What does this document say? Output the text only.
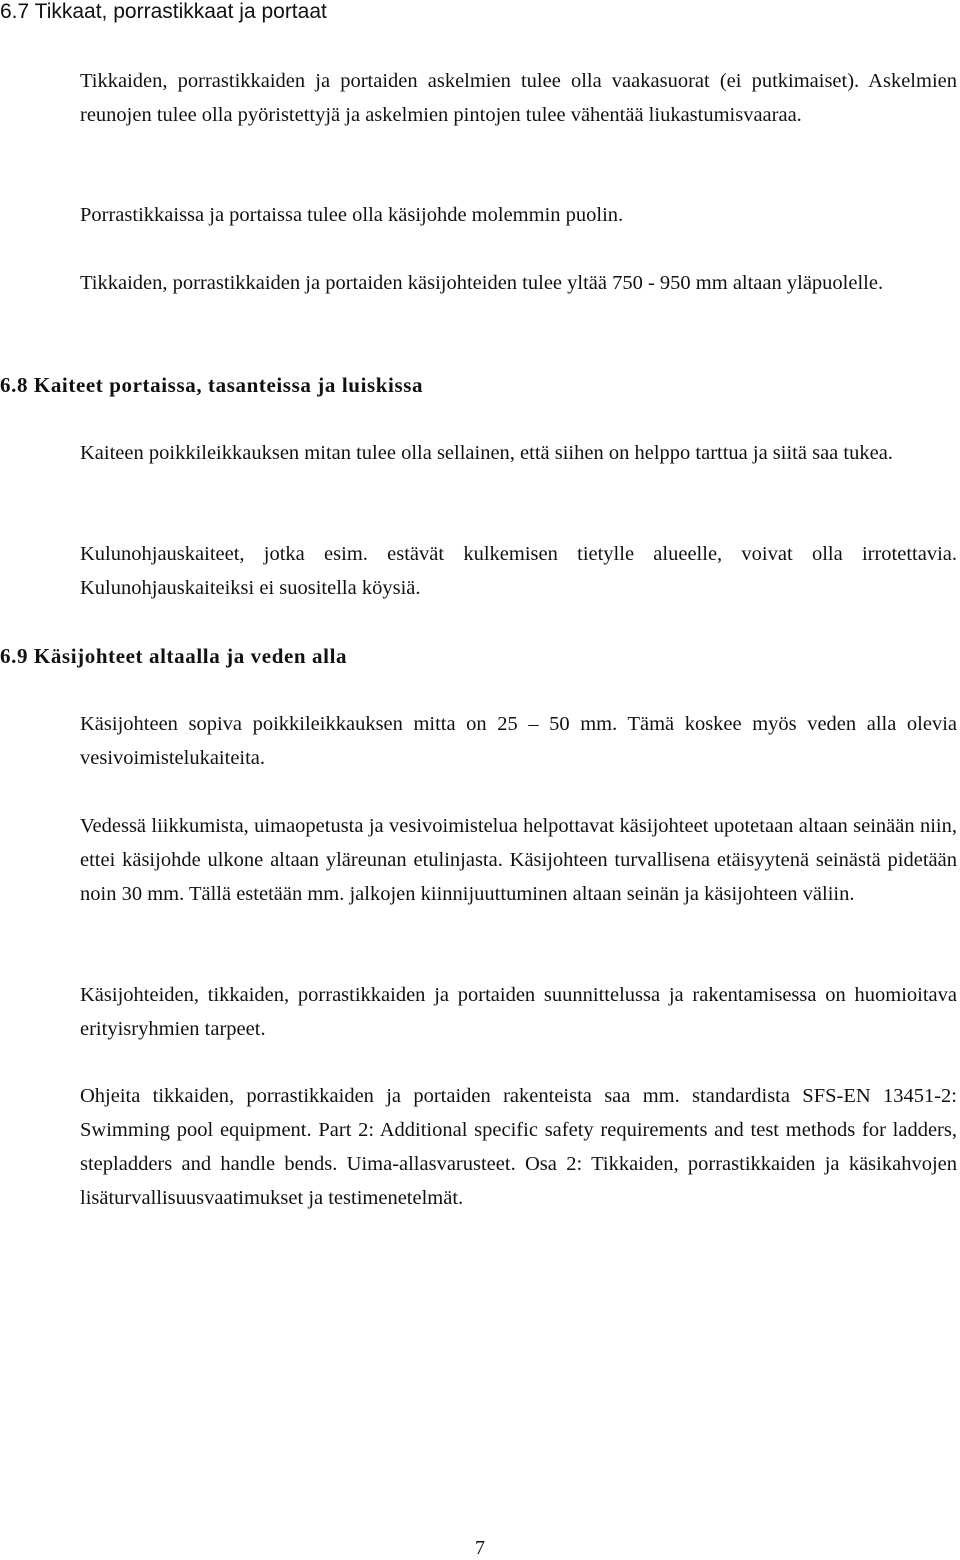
6.7 Tikkaat, porrastikkaat ja portaat

Tikkaiden, porrastikkaiden ja portaiden askelmien tulee olla vaakasuorat (ei putkimaiset). Askelmien reunojen tulee olla pyöristettyjä ja askelmien pintojen tulee vähentää liukastumisvaaraa.

Porrastikkaissa ja portaissa tulee olla käsijohde molemmin puolin.

Tikkaiden, porrastikkaiden ja portaiden käsijohteiden tulee yltää 750 - 950 mm altaan yläpuolelle.

6.8 Kaiteet portaissa, tasanteissa ja luiskissa

Kaiteen poikkileikkauksen mitan tulee olla sellainen, että siihen on helppo tarttua ja siitä saa tukea.

Kulunohjauskaiteet, jotka esim. estävät kulkemisen tietylle alueelle, voivat olla irrotettavia. Kulunohjauskaiteiksi ei suositella köysiä.

6.9 Käsijohteet altaalla ja veden alla

Käsijohteen sopiva poikkileikkauksen mitta on 25 – 50 mm. Tämä koskee myös veden alla olevia vesivoimistelukaiteita.

Vedessä liikkumista, uimaopetusta ja vesivoimistelua helpottavat käsijohteet upotetaan altaan seinään niin, ettei käsijohde ulkone altaan yläreunan etulinjasta. Käsijohteen turvallisena etäisyytenä seinästä pidetään noin 30 mm. Tällä estetään mm. jalkojen kiinnijuuttuminen altaan seinän ja käsijohteen väliin.

Käsijohteiden, tikkaiden, porrastikkaiden ja portaiden suunnittelussa ja rakentamisessa on huomioitava erityisryhmien tarpeet.

Ohjeita tikkaiden, porrastikkaiden ja portaiden rakenteista saa mm. standardista SFS-EN 13451-2: Swimming pool equipment. Part 2: Additional specific safety requirements and test methods for ladders, stepladders and handle bends. Uima-allasvarusteet. Osa 2: Tikkaiden, porrastikkaiden ja käsikahvojen lisäturvallisuusvaatimukset ja testimenetelmät.

7
